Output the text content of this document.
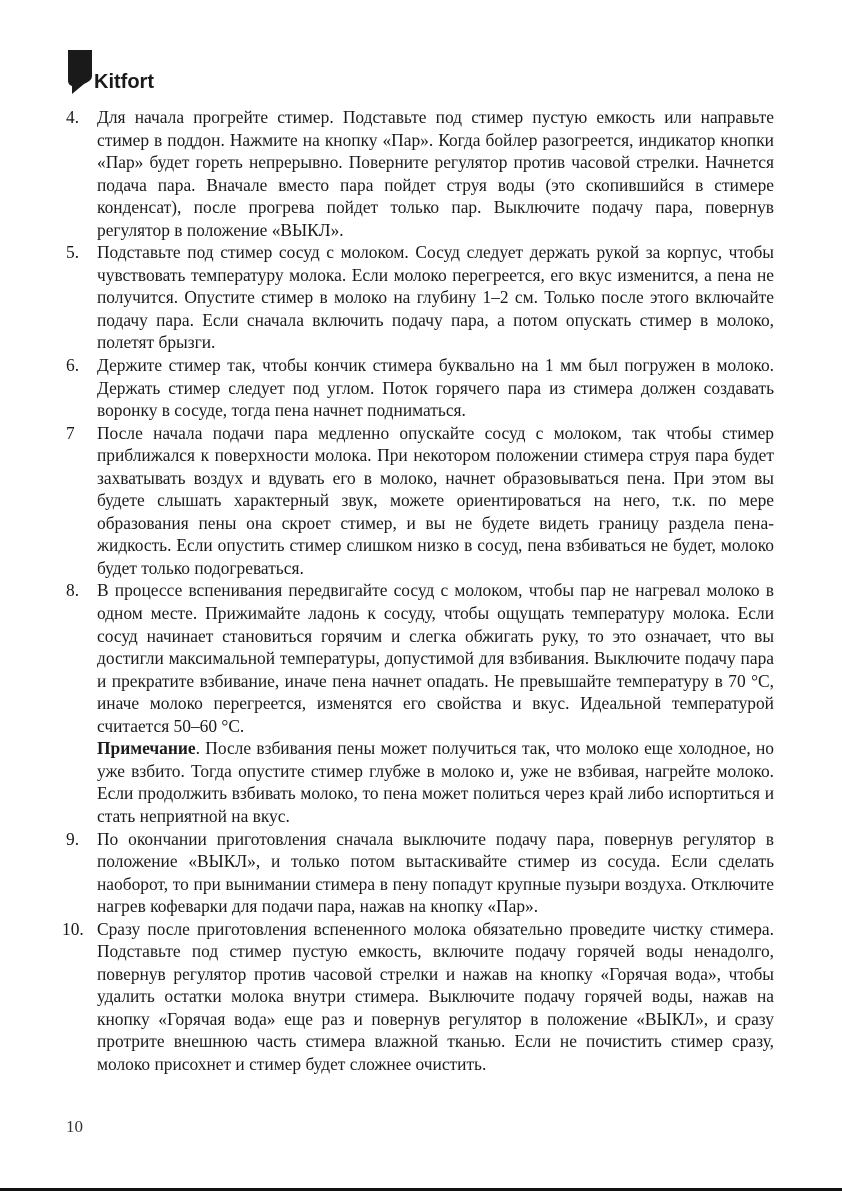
Kitfort
4.	Для начала прогрейте стимер. Подставьте под стимер пустую емкость или направьте стимер в поддон. Нажмите на кнопку «Пар». Когда бойлер разогреется, индикатор кнопки «Пар» будет гореть непрерывно. Поверните регулятор против часовой стрелки. Начнется подача пара. Вначале вместо пара пойдет струя воды (это скопившийся в стимере конденсат), после прогрева пойдет только пар. Выключите подачу пара, повернув регулятор в положение «ВЫКЛ».
5.	Подставьте под стимер сосуд с молоком. Сосуд следует держать рукой за корпус, чтобы чувствовать температуру молока. Если молоко перегреется, его вкус изменится, а пена не получится. Опустите стимер в молоко на глубину 1–2 см. Только после этого включайте подачу пара. Если сначала включить подачу пара, а потом опускать стимер в молоко, полетят брызги.
6.	Держите стимер так, чтобы кончик стимера буквально на 1 мм был погружен в молоко. Держать стимер следует под углом. Поток горячего пара из стимера должен создавать воронку в сосуде, тогда пена начнет подниматься.
7	После начала подачи пара медленно опускайте сосуд с молоком, так чтобы стимер приближался к поверхности молока. При некотором положении стимера струя пара будет захватывать воздух и вдувать его в молоко, начнет образовываться пена. При этом вы будете слышать характерный звук, можете ориентироваться на него, т.к. по мере образования пены она скроет стимер, и вы не будете видеть границу раздела пена-жидкость. Если опустить стимер слишком низко в сосуд, пена взбиваться не будет, молоко будет только подогреваться.
8.	В процессе вспенивания передвигайте сосуд с молоком, чтобы пар не нагревал молоко в одном месте. Прижимайте ладонь к сосуду, чтобы ощущать температуру молока. Если сосуд начинает становиться горячим и слегка обжигать руку, то это означает, что вы достигли максимальной температуры, допустимой для взбивания. Выключите подачу пара и прекратите взбивание, иначе пена начнет опадать. Не превышайте температуру в 70 °C, иначе молоко перегреется, изменятся его свойства и вкус. Идеальной температурой считается 50–60 °C.
Примечание. После взбивания пены может получиться так, что молоко еще холодное, но уже взбито. Тогда опустите стимер глубже в молоко и, уже не взбивая, нагрейте молоко. Если продолжить взбивать молоко, то пена может политься через край либо испортиться и стать неприятной на вкус.
9.	По окончании приготовления сначала выключите подачу пара, повернув регулятор в положение «ВЫКЛ», и только потом вытаскивайте стимер из сосуда. Если сделать наоборот, то при вынимании стимера в пену попадут крупные пузыри воздуха. Отключите нагрев кофеварки для подачи пара, нажав на кнопку «Пар».
10. Сразу после приготовления вспененного молока обязательно проведите чистку стимера. Подставьте под стимер пустую емкость, включите подачу горячей воды ненадолго, повернув регулятор против часовой стрелки и нажав на кнопку «Горячая вода», чтобы удалить остатки молока внутри стимера. Выключите подачу горячей воды, нажав на кнопку «Горячая вода» еще раз и повернув регулятор в положение «ВЫКЛ», и сразу протрите внешнюю часть стимера влажной тканью. Если не почистить стимер сразу, молоко присохнет и стимер будет сложнее очистить.
10
